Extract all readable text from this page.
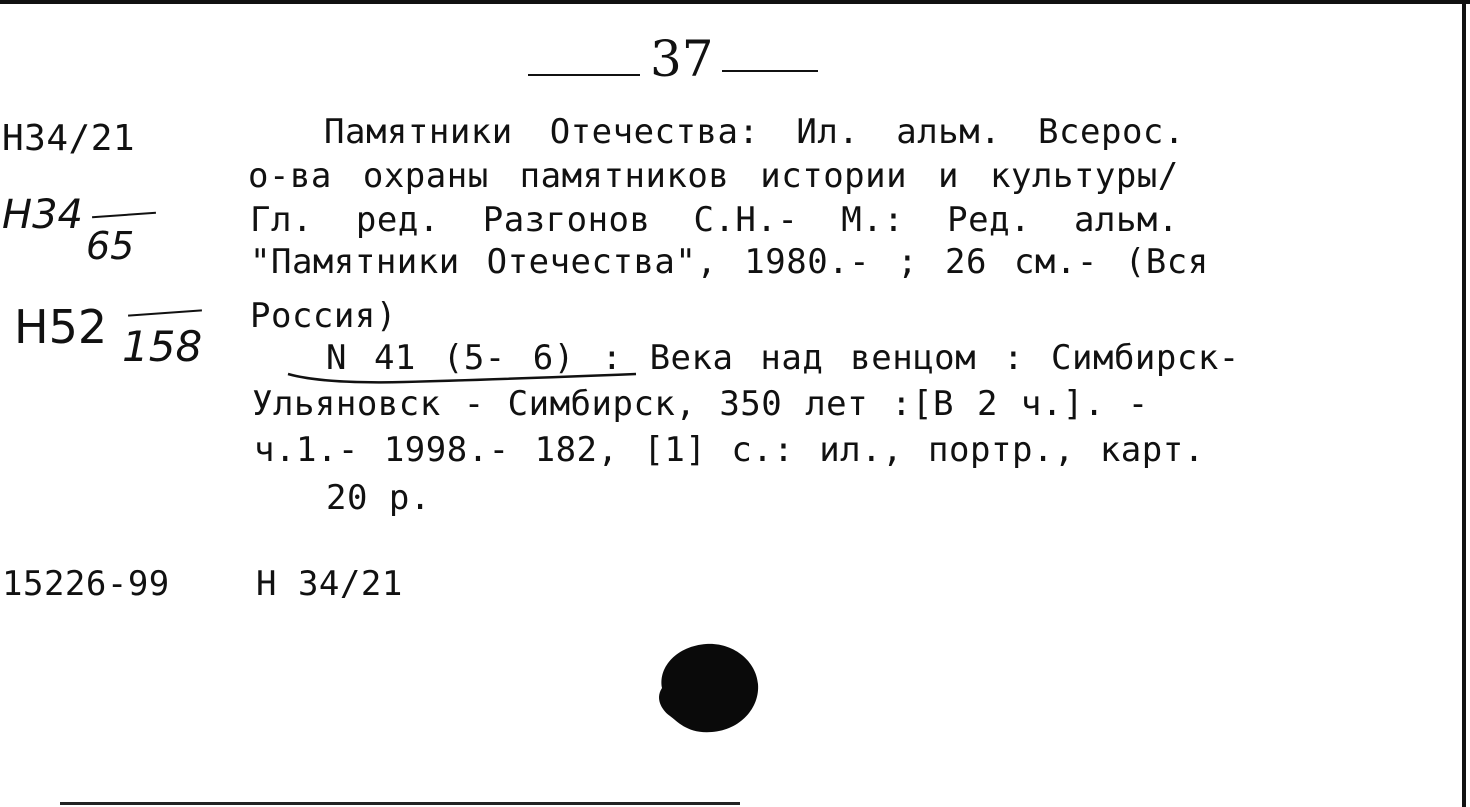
37
Н34/21
Н34
65
Н52 158
Памятники Отечества: Ил. альм. Всерос.
о-ва охраны памятников истории и культуры/
Гл. ред. Разгонов С.Н.- М.: Ред. альм.
"Памятники Отечества", 1980.- ; 26 см.- (Вся
Россия)
N 41 (5- 6) : Века над венцом : Симбирск-
Ульяновск - Симбирск, 350 лет :[В 2 ч.]. -
ч.1.- 1998.- 182, [1] с.: ил., портр., карт.
20 р.
15226-99	Н 34/21
